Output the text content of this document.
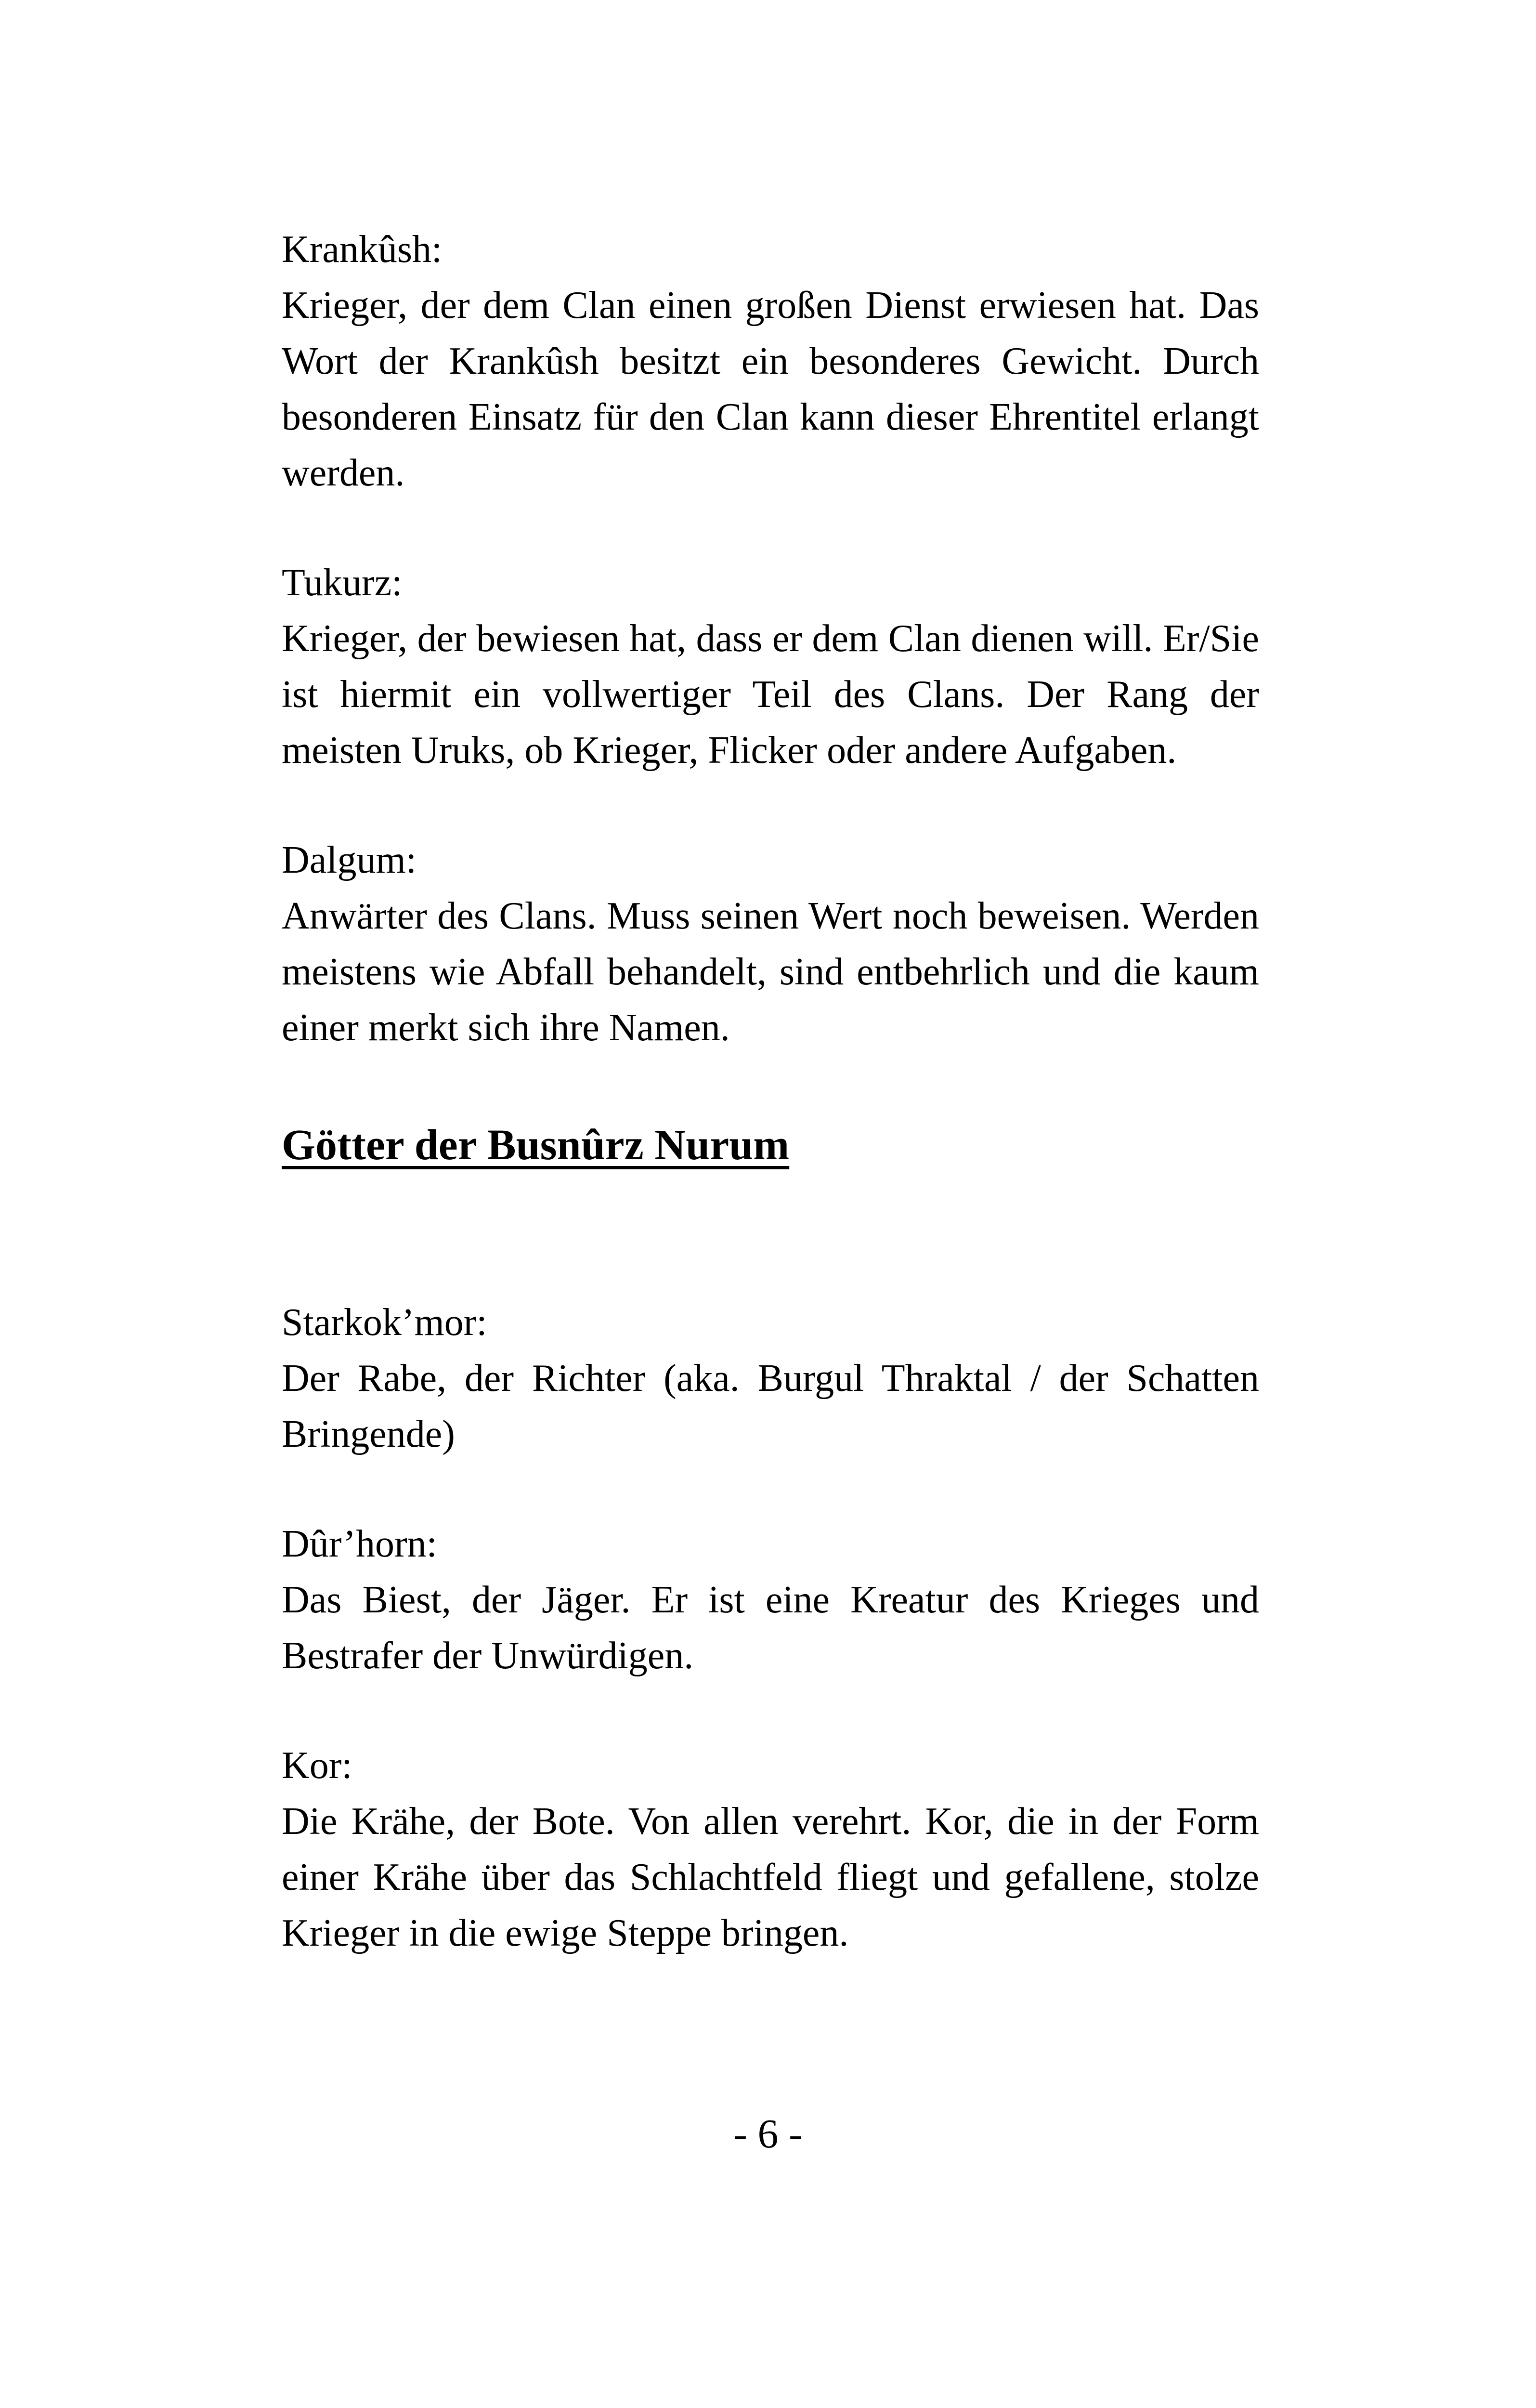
Krankûsh:

Krieger, der dem Clan einen großen Dienst erwiesen hat. Das Wort der Krankûsh besitzt ein besonderes Gewicht. Durch besonderen Einsatz für den Clan kann dieser Ehrentitel erlangt werden.

Tukurz:

Krieger, der bewiesen hat, dass er dem Clan dienen will. Er/​Sie ist hiermit ein vollwertiger Teil des Clans. Der Rang der meisten Uruks, ob Krieger, Flicker oder andere Aufgaben.

Dalgum:

Anwärter des Clans. Muss seinen Wert noch beweisen. Werden meistens wie Abfall behandelt, sind entbehrlich und die kaum einer merkt sich ihre Namen.

Götter der Busnûrz Nurum

Starkok’mor:

Der Rabe, der Richter (aka. Burgul Thraktal / der Schatten Bringende)

Dûr’horn:

Das Biest, der Jäger. Er ist eine Kreatur des Krieges und Bestrafer der Unwürdigen.

Kor:

Die Krähe, der Bote. Von allen verehrt. Kor, die in der Form einer Krähe über das Schlachtfeld fliegt und gefallene, stolze Krieger in die ewige Steppe bringen.

- 6 -
